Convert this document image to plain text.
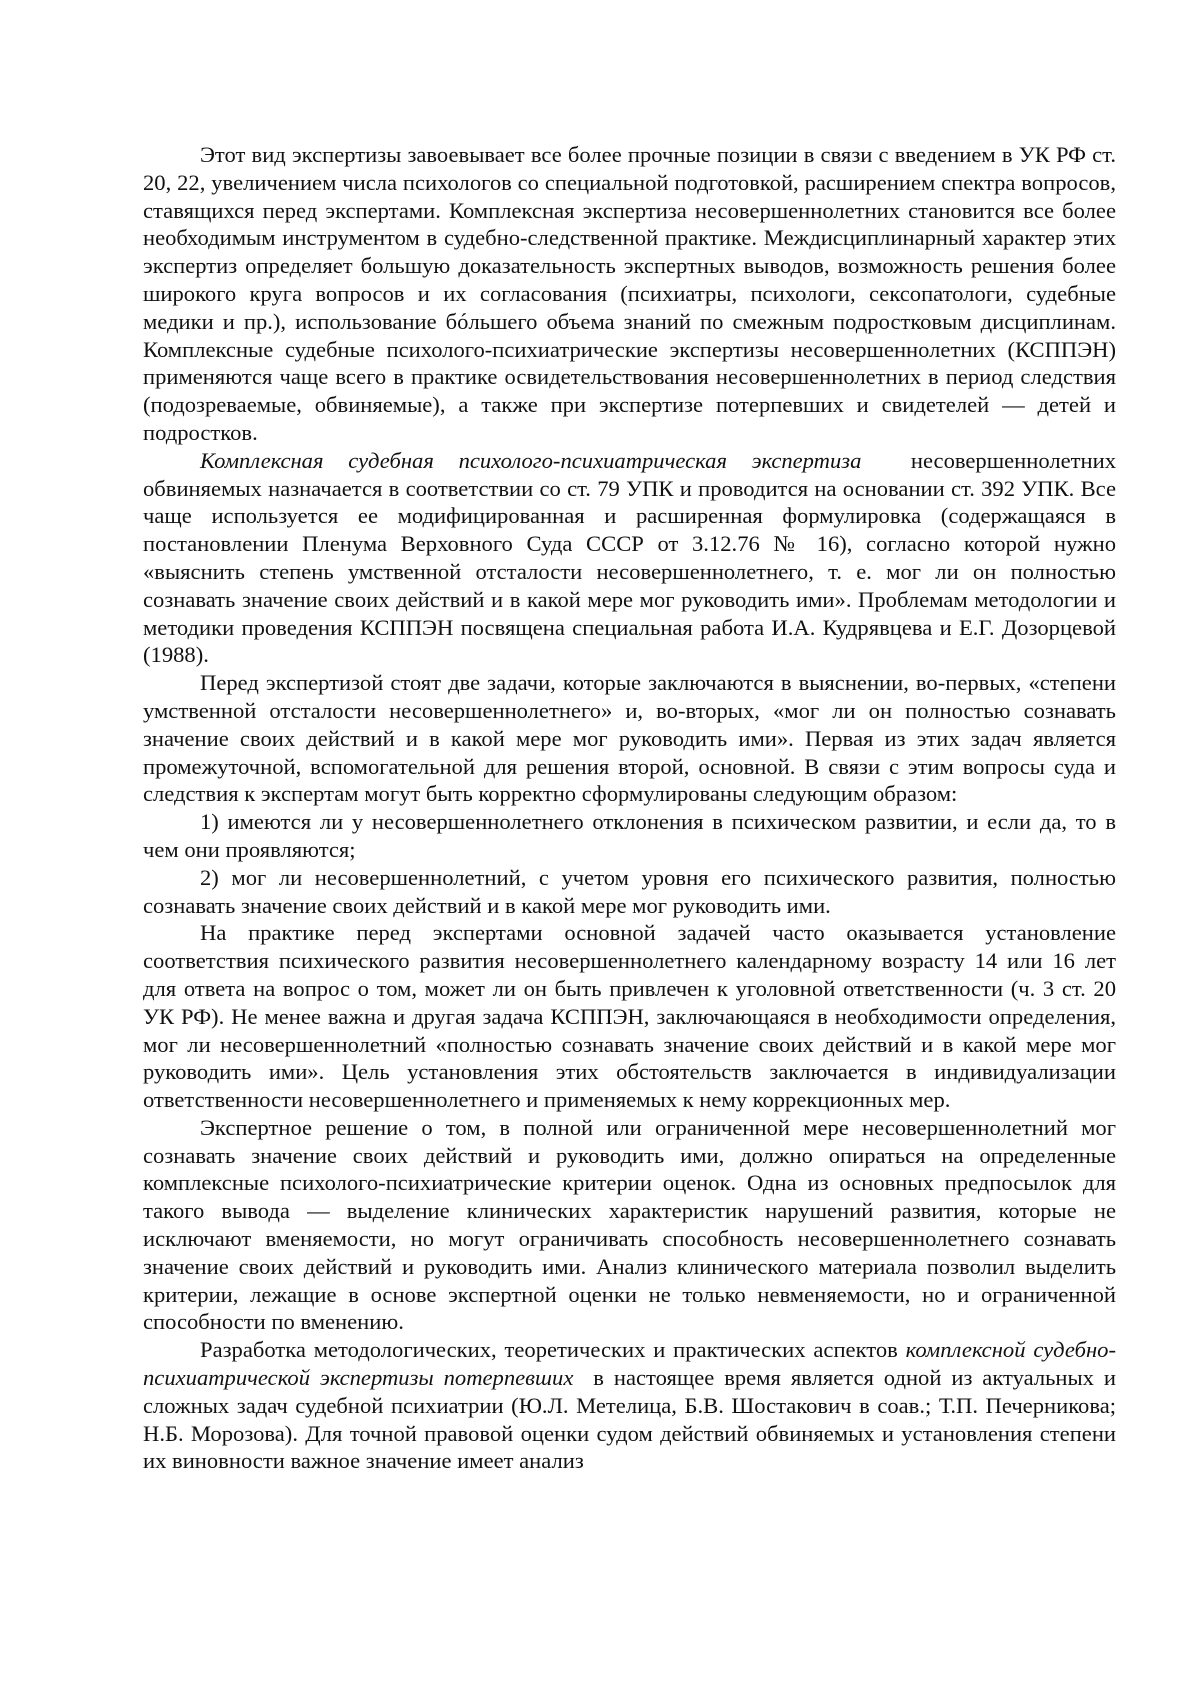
Этот вид экспертизы завоевывает все более прочные позиции в связи с введением в УК РФ ст. 20, 22, увеличением числа психологов со специальной подготовкой, расширением спектра вопросов, ставящихся перед экспертами. Комплексная экспертиза несовершеннолетних становится все более необходимым инструментом в судебно-следственной практике. Междисциплинарный характер этих экспертиз определяет большую доказательность экспертных выводов, возможность решения более широкого круга вопросов и их согласования (психиатры, психологи, сексопатологи, судебные медики и пр.), использование бóльшего объема знаний по смежным подростковым дисциплинам. Комплексные судебные психолого-психиатрические экспертизы несовершеннолетних (КСППЭН) применяются чаще всего в практике освидетельствования несовершеннолетних в период следствия (подозреваемые, обвиняемые), а также при экспертизе потерпевших и свидетелей — детей и подростков.

Комплексная судебная психолого-психиатрическая экспертиза  несовершеннолетних обвиняемых назначается в соответствии со ст. 79 УПК и проводится на основании ст. 392 УПК. Все чаще используется ее модифицированная и расширенная формулировка (содержащаяся в постановлении Пленума Верховного Суда СССР от 3.12.76 № 16), согласно которой нужно «выяснить степень умственной отсталости несовершеннолетнего, т. е. мог ли он полностью сознавать значение своих действий и в какой мере мог руководить ими». Проблемам методологии и методики проведения КСППЭН посвящена специальная работа И.А. Кудрявцева и Е.Г. Дозорцевой (1988).

Перед экспертизой стоят две задачи, которые заключаются в выяснении, во-первых, «степени умственной отсталости несовершеннолетнего» и, во-вторых, «мог ли он полностью сознавать значение своих действий и в какой мере мог руководить ими». Первая из этих задач является промежуточной, вспомогательной для решения второй, основной. В связи с этим вопросы суда и следствия к экспертам могут быть корректно сформулированы следующим образом:

1) имеются ли у несовершеннолетнего отклонения в психическом развитии, и если да, то в чем они проявляются;

2) мог ли несовершеннолетний, с учетом уровня его психического развития, полностью сознавать значение своих действий и в какой мере мог руководить ими.

На практике перед экспертами основной задачей часто оказывается установление соответствия психического развития несовершеннолетнего календарному возрасту 14 или 16 лет для ответа на вопрос о том, может ли он быть привлечен к уголовной ответственности (ч. 3 ст. 20 УК РФ). Не менее важна и другая задача КСППЭН, заключающаяся в необходимости определения, мог ли несовершеннолетний «полностью сознавать значение своих действий и в какой мере мог руководить ими». Цель установления этих обстоятельств заключается в индивидуализации ответственности несовершеннолетнего и применяемых к нему коррекционных мер.

Экспертное решение о том, в полной или ограниченной мере несовершеннолетний мог сознавать значение своих действий и руководить ими, должно опираться на определенные комплексные психолого-психиатрические критерии оценок. Одна из основных предпосылок для такого вывода — выделение клинических характеристик нарушений развития, которые не исключают вменяемости, но могут ограничивать способность несовершеннолетнего сознавать значение своих действий и руководить ими. Анализ клинического материала позволил выделить критерии, лежащие в основе экспертной оценки не только невменяемости, но и ограниченной способности по вменению.

Разработка методологических, теоретических и практических аспектов комплексной судебно-психиатрической экспертизы потерпевших  в настоящее время является одной из актуальных и сложных задач судебной психиатрии (Ю.Л. Метелица, Б.В. Шостакович в соав.; Т.П. Печерникова; Н.Б. Морозова). Для точной правовой оценки судом действий обвиняемых и установления степени их виновности важное значение имеет анализ
